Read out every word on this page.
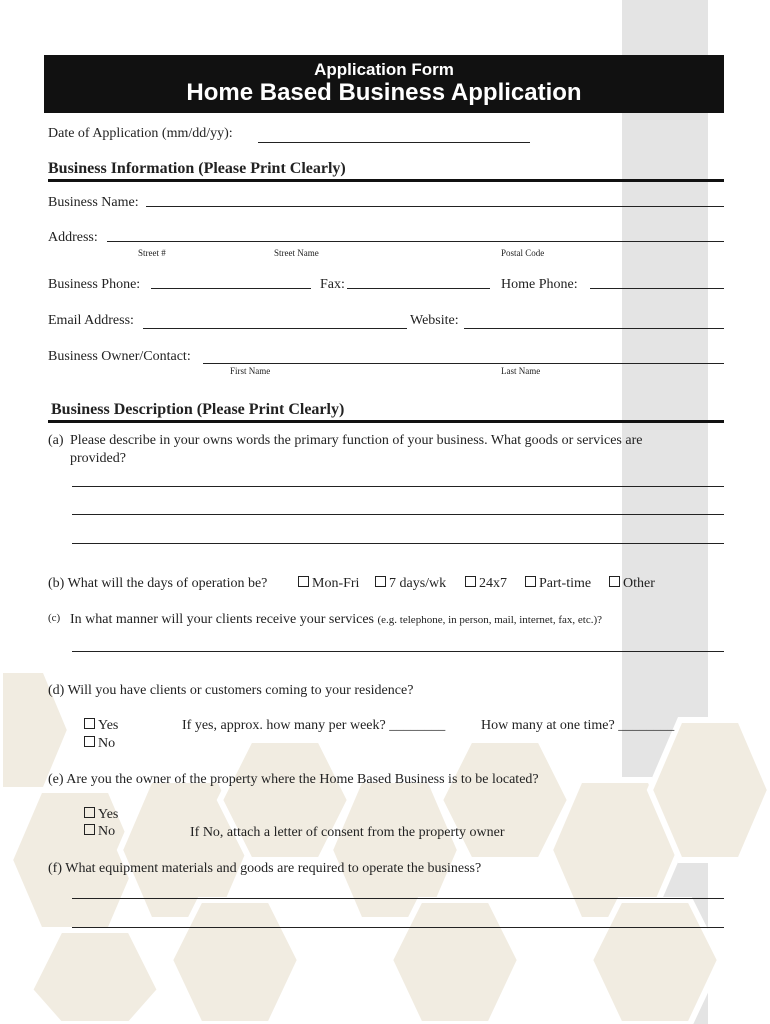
Application Form
Home Based Business Application
Date of Application (mm/dd/yy):
Business Information (Please Print Clearly)
Business Name:
Address:
Street #	Street Name	Postal Code
Business Phone:	Fax:	Home Phone:
Email Address:	Website:
Business Owner/Contact:
First Name	Last Name
Business Description (Please Print Clearly)
(a) Please describe in your owns words the primary function of your business. What goods or services are
provided?
(b) What will the days of operation be?	Mon-Fri	7 days/wk	24x7	Part-time	Other
(c) In what manner will your clients receive your services (e.g. telephone, in person, mail, internet, fax, etc.)?
(d) Will you have clients or customers coming to your residence?
Yes
No
If yes, approx. how many per week? ________	How many at one time? ________
(e) Are you the owner of the property where the Home Based Business is to be located?
Yes
No	If No, attach a letter of consent from the property owner
(f) What equipment materials and goods are required to operate the business?
